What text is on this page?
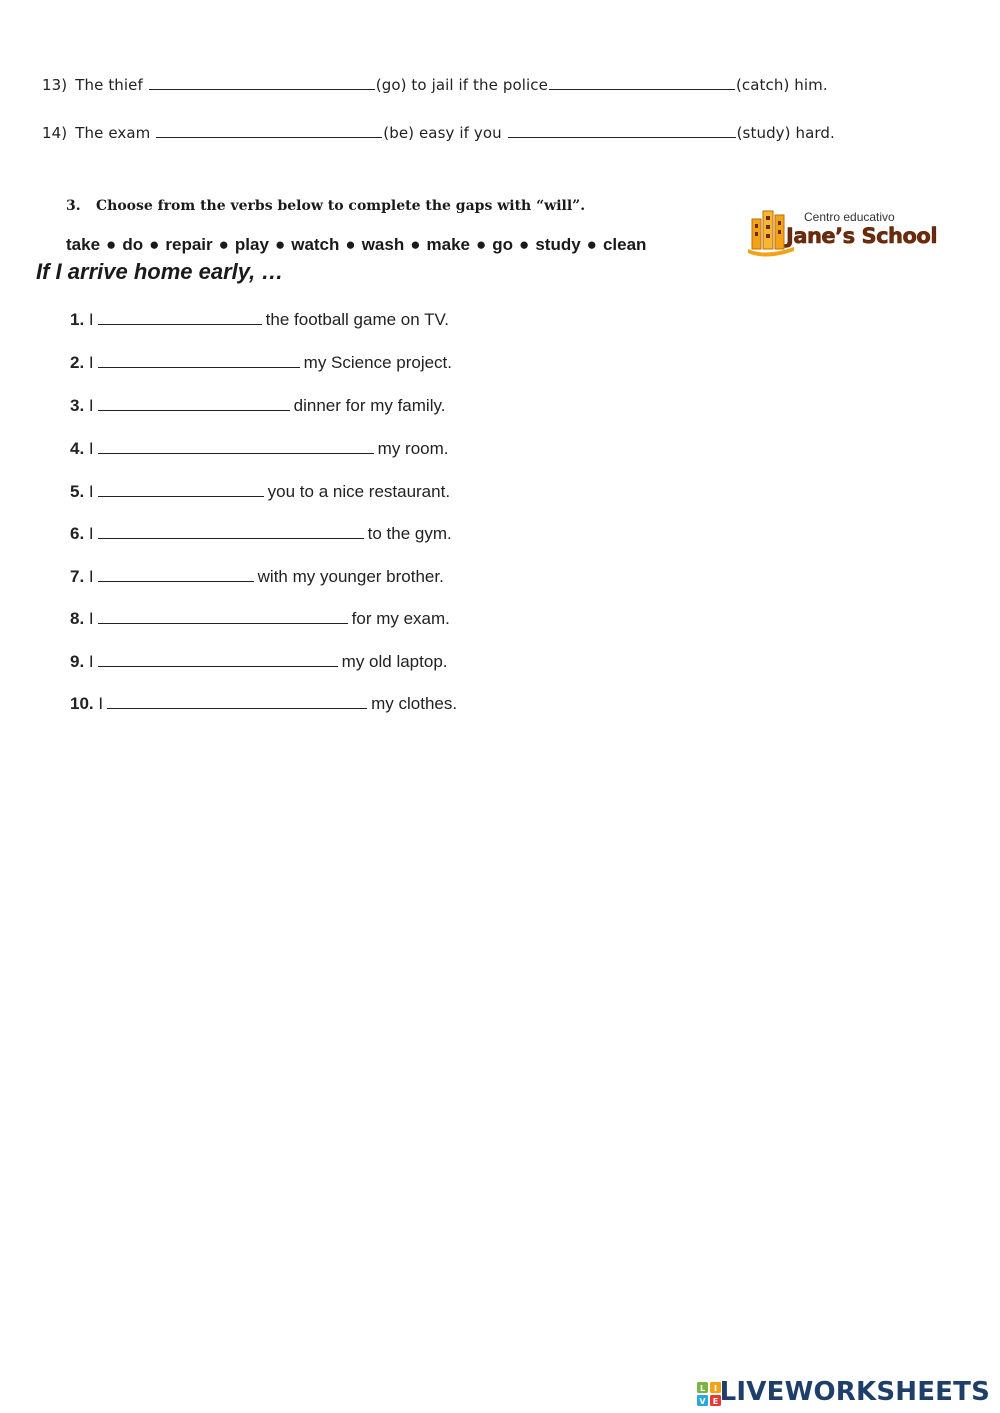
13) The thief	(go) to jail if the police	(catch) him.
14) The exam	(be) easy if you	(study) hard.
3. Choose from the verbs below to complete the gaps with “will”.
take ● do ● repair ● play ● watch ● wash ● make ● go ● study ● clean
If I arrive home early, …
Centro educativo
Jane’s School
1. I	the football game on TV.
2. I	my Science project.
3. I	dinner for my family.
4. I	my room.
5. I	you to a nice restaurant.
6. I	to the gym.
7. I	with my younger brother.
8. I	for my exam.
9. I	my old laptop.
10. I	my clothes.
L I
V E LIVEWORKSHEETS
